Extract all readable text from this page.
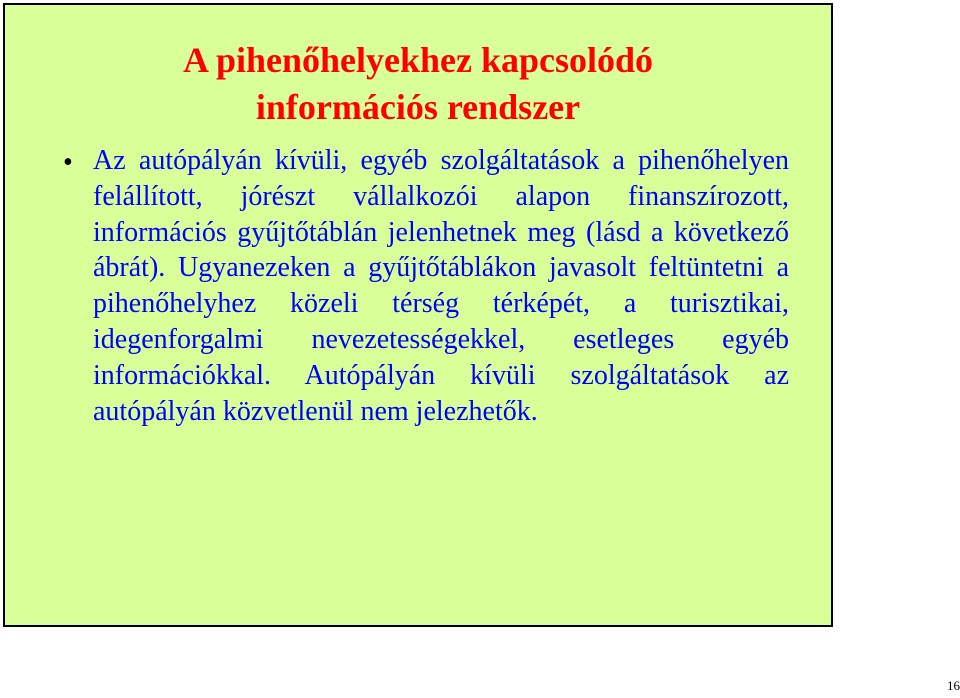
A pihenőhelyekhez kapcsolódó
információs rendszer
• Az autópályán kívüli, egyéb szolgáltatások a pihenőhelyen felállított, jórészt vállalkozói alapon finanszírozott, információs gyűjtőtáblán jelenhetnek meg (lásd a következő ábrát). Ugyanezeken a gyűjtőtáblákon javasolt feltüntetni a pihenőhelyhez közeli térség térképét, a turisztikai, idegenforgalmi nevezetességekkel, esetleges egyéb információkkal. Autópályán kívüli szolgáltatások az autópályán közvetlenül nem jelezhetők.

16
